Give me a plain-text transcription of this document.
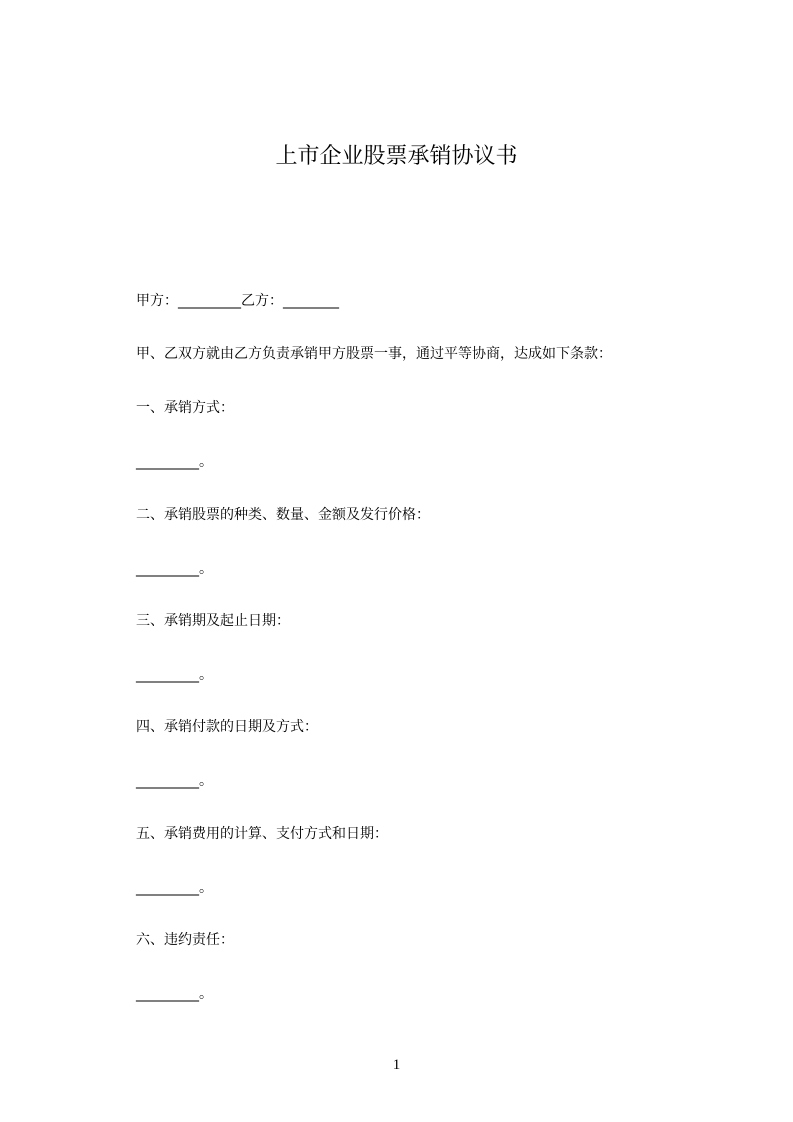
上市企业股票承销协议书
甲方：_________乙方：________
甲、乙双方就由乙方负责承销甲方股票一事，通过平等协商，达成如下条款：
一、承销方式：
_________。
二、承销股票的种类、数量、金额及发行价格：
_________。
三、承销期及起止日期：
_________。
四、承销付款的日期及方式：
_________。
五、承销费用的计算、支付方式和日期：
_________。
六、违约责任：
_________。
1
